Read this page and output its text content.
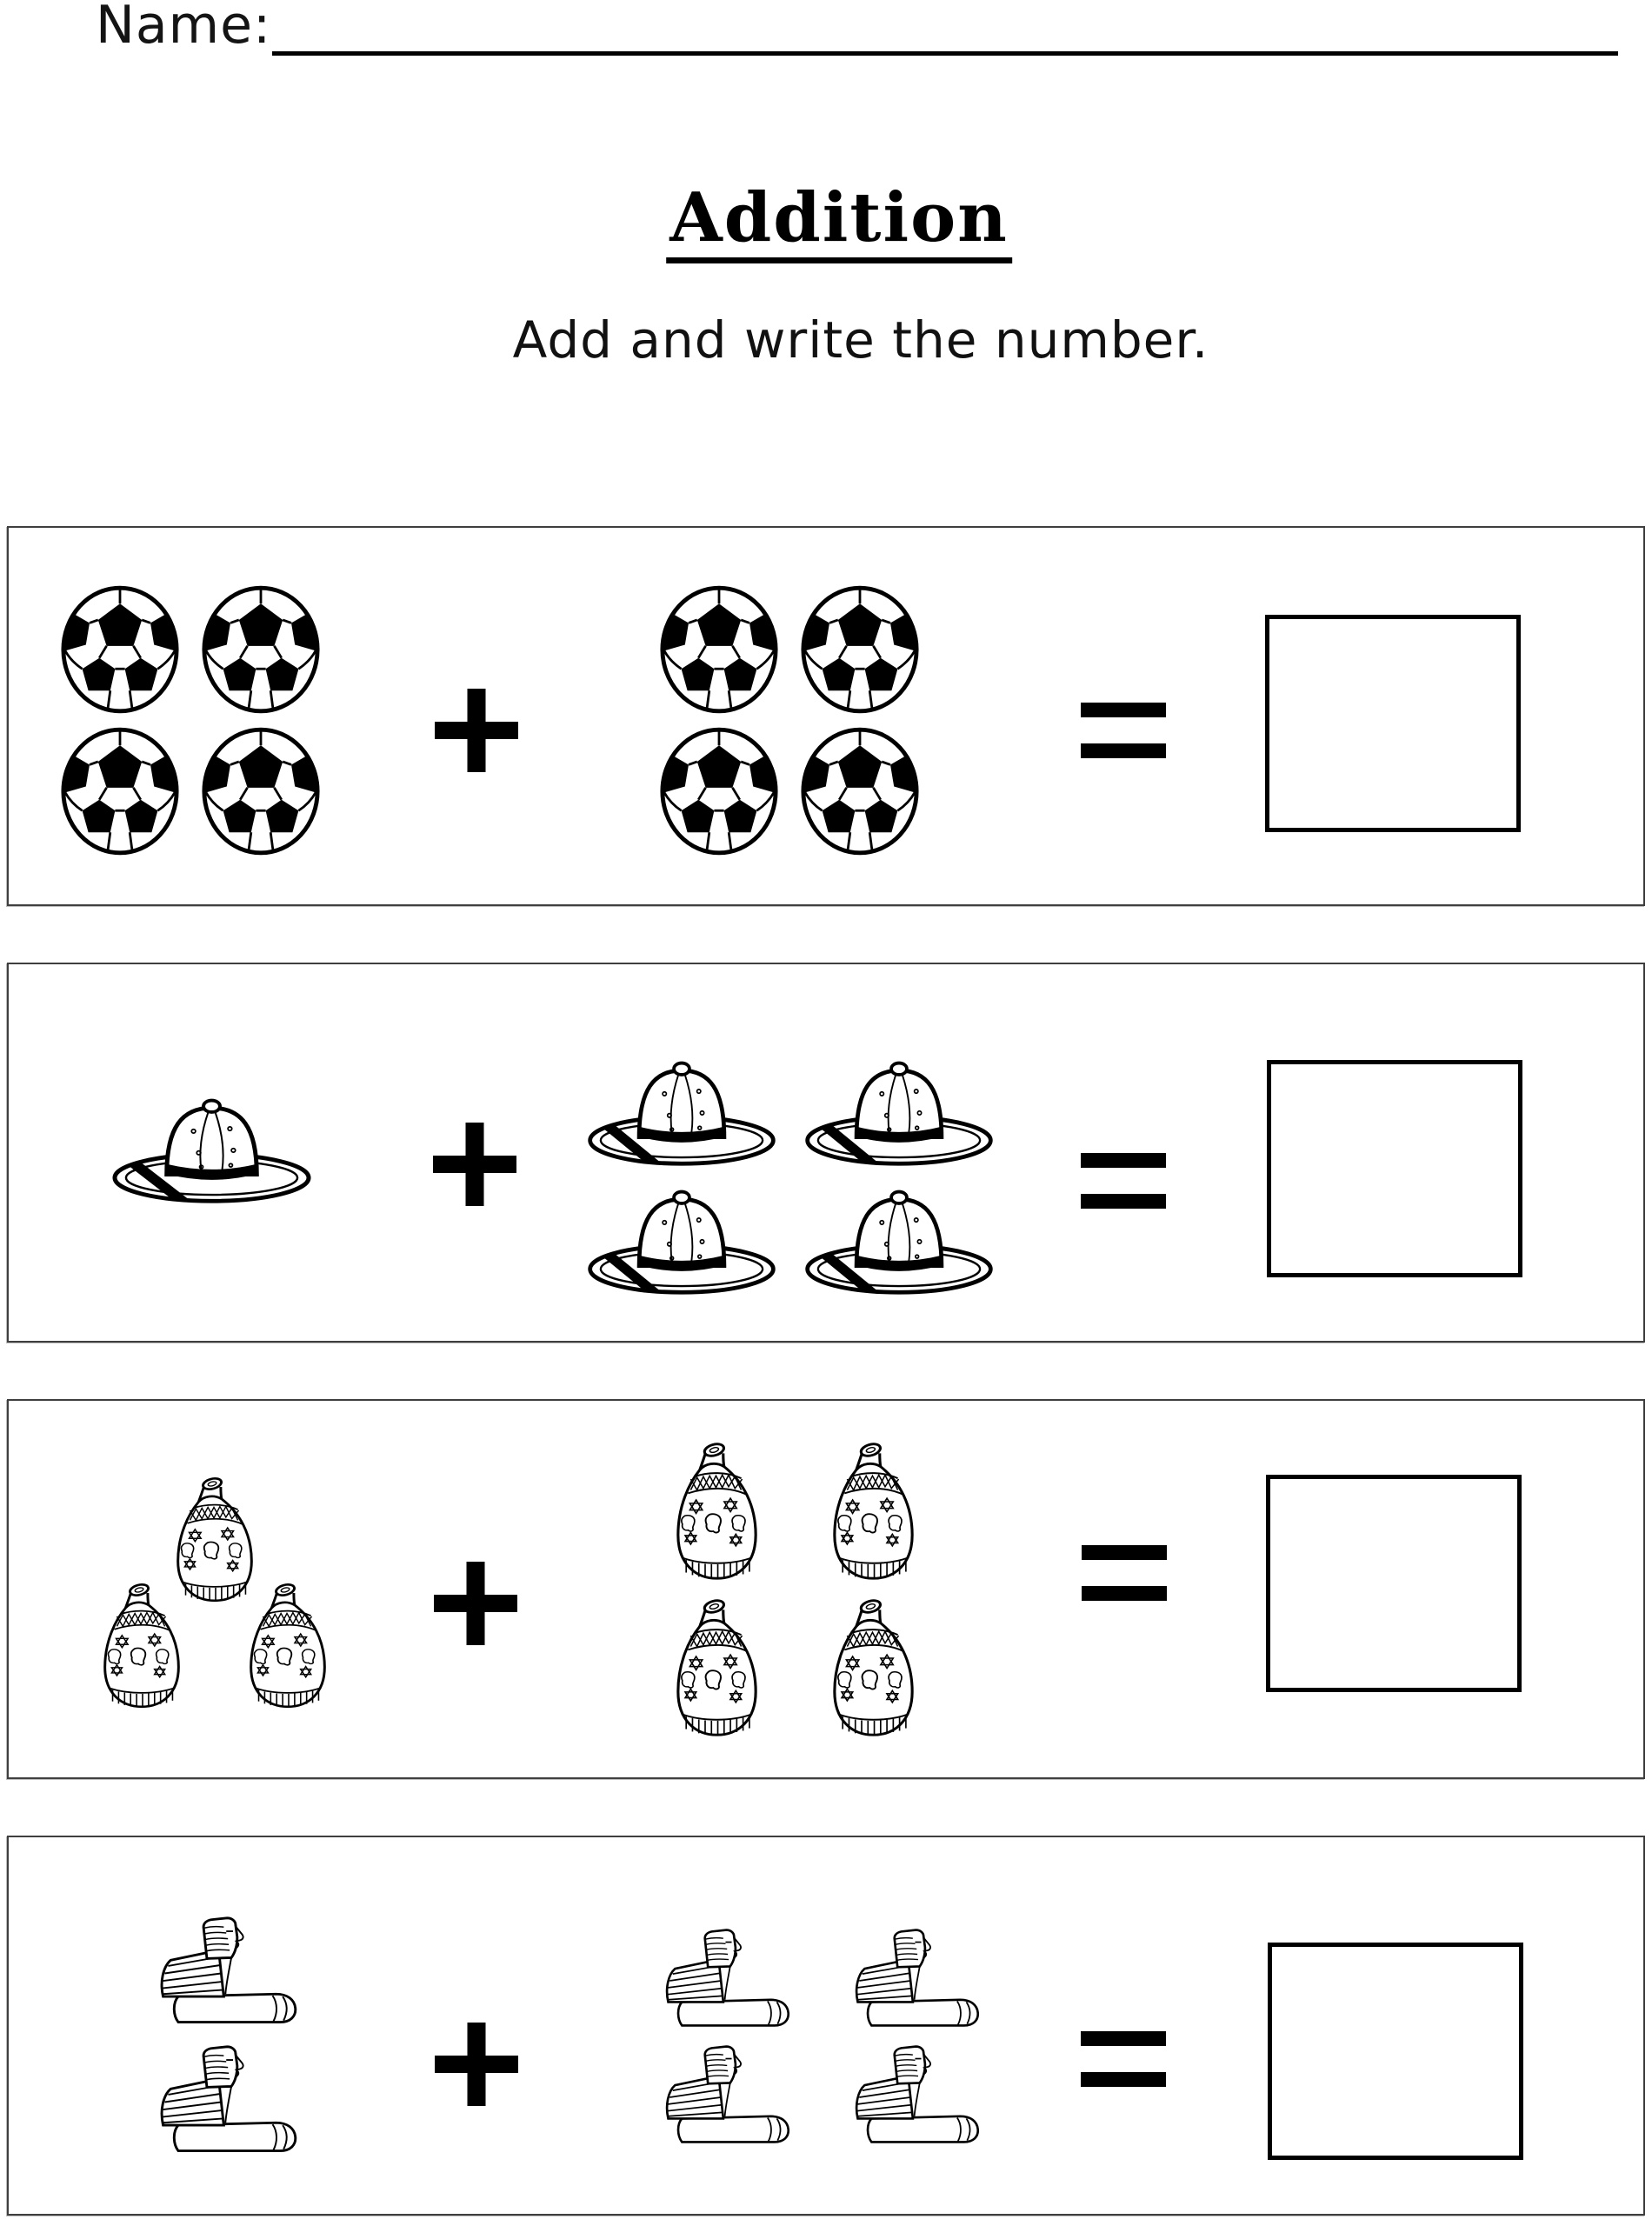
Name:
Addition

Add and write the number.
